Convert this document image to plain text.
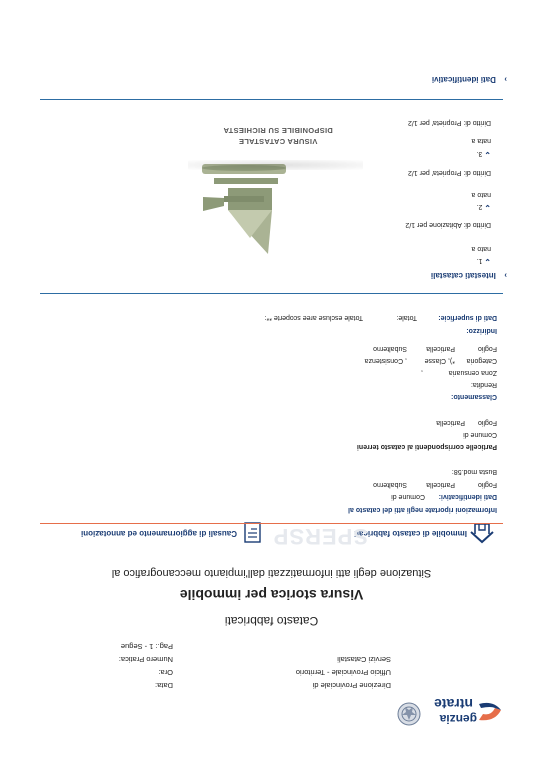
genzia
ntrate
Direzione Provinciale di
Ufficio Provinciale - Territorio
Servizi Catastali
Data:
Ora:
Numero Pratica:
Pag.: 1 - Segue
Catasto fabbricati
Visura storica per immobile
Situazione degli atti informatizzati dall'impianto meccanografico al
Immobile di catasto fabbricati
Causali di aggiornamento ed annotazioni SPERSP
Informazioni riportate negli atti del catasto al
Dati identificativi:
Comune di
Foglio
Particella
Subalterno
Busta mod.58:
Particelle corrispondenti al catasto terreni
Comune di
Foglio
Particella
Classamento:
Rendita:
Zona censuaria
,
Categoria
*), Classe
, Consistenza
Foglio
Particella
Subalterno
Indirizzo:
Dati di superficie:
Totale:
Totale escluse aree scoperte **:
› Intestati catastali
⌄ 1.
nato a
Diritto di: Abitazione per 1/2
⌄ 2.
nato a
Diritto di: Proprieta' per 1/2
⌄ 3.
nata a
Diritto di: Proprieta' per 1/2
VISURA CATASTALE
DISPONIBILE SU RICHIESTA
› Dati identificativi
